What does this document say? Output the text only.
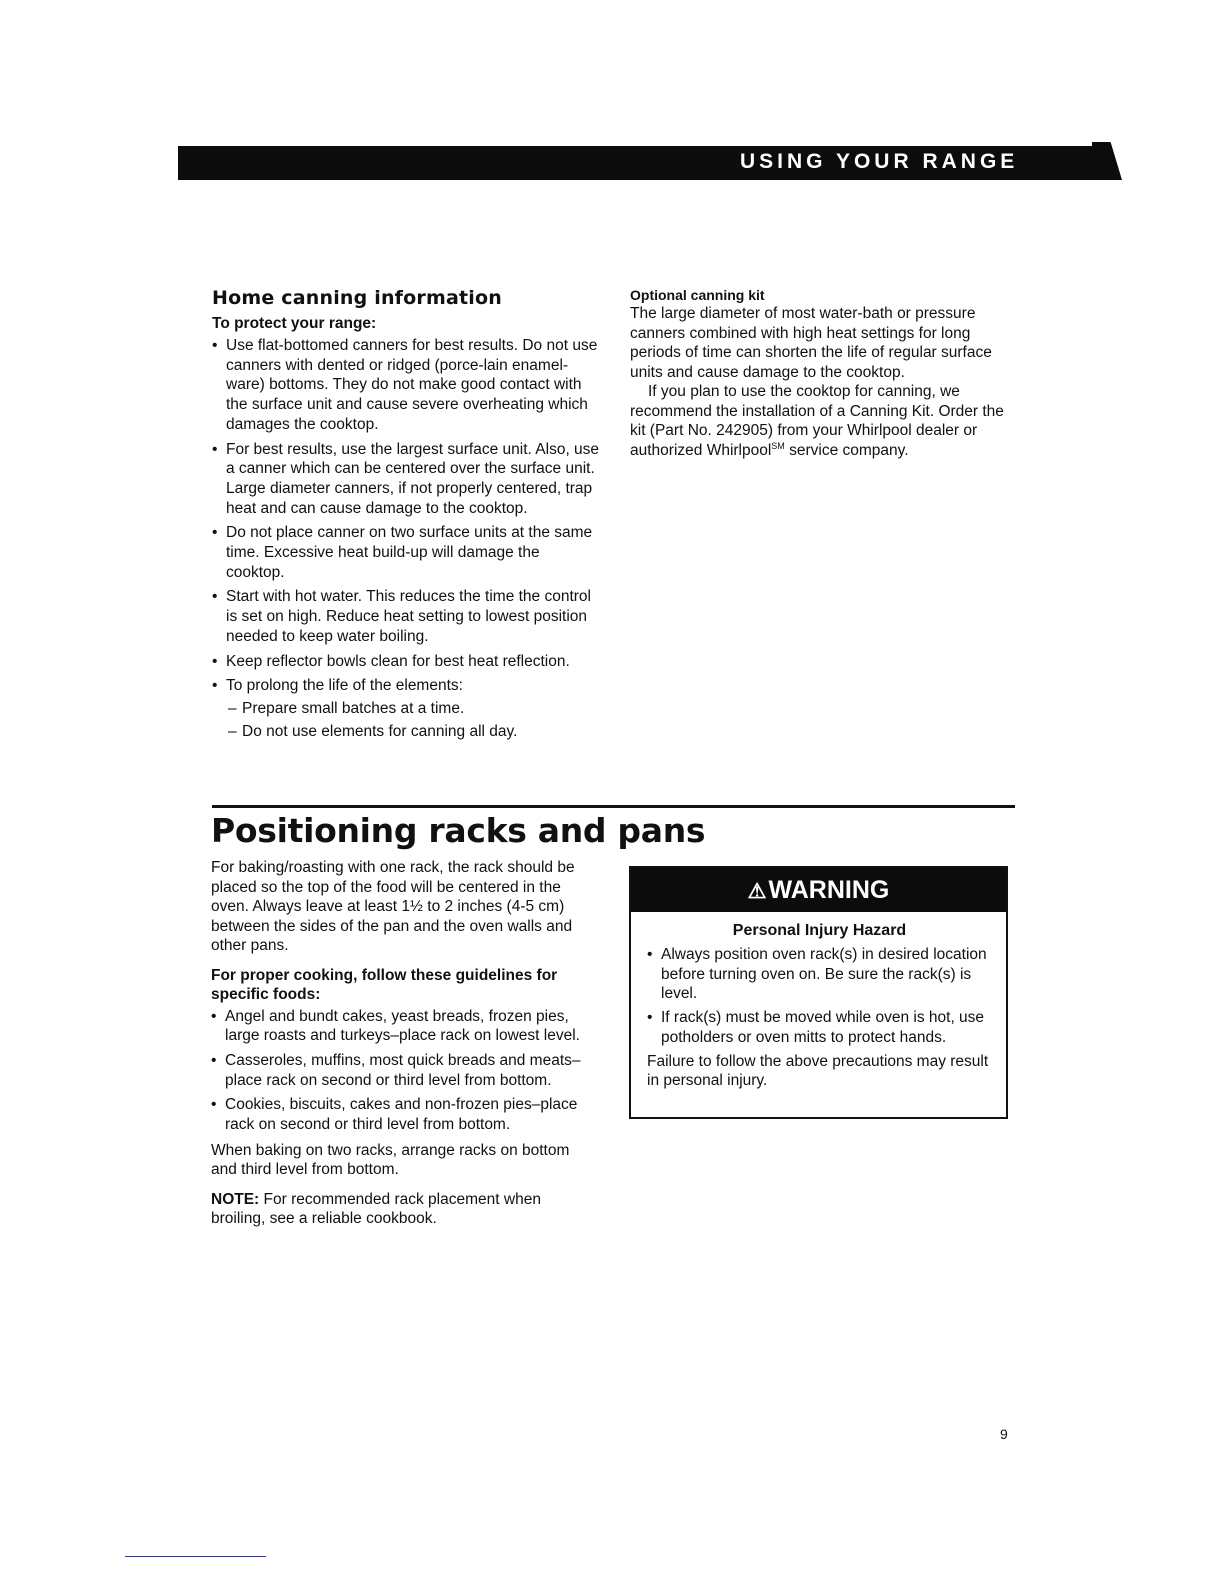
USING YOUR RANGE
Home canning information
To protect your range:
• Use flat-bottomed canners for best results. Do not use canners with dented or ridged (porce-lain enamel-ware) bottoms. They do not make good contact with the surface unit and cause severe overheating which damages the cooktop.
• For best results, use the largest surface unit. Also, use a canner which can be centered over the surface unit. Large diameter canners, if not properly centered, trap heat and can cause damage to the cooktop.
• Do not place canner on two surface units at the same time. Excessive heat build-up will damage the cooktop.
• Start with hot water. This reduces the time the control is set on high. Reduce heat setting to lowest position needed to keep water boiling.
• Keep reflector bowls clean for best heat reflection.
• To prolong the life of the elements:
– Prepare small batches at a time.
– Do not use elements for canning all day.
Optional canning kit

The large diameter of most water-bath or pressure canners combined with high heat settings for long periods of time can shorten the life of regular surface units and cause damage to the cooktop.

If you plan to use the cooktop for canning, we recommend the installation of a Canning Kit. Order the kit (Part No. 242905) from your Whirlpool dealer or authorized Whirlpool℠ service company.

Positioning racks and pans

For baking/roasting with one rack, the rack should be placed so the top of the food will be centered in the oven. Always leave at least 1½ to 2 inches (4-5 cm) between the sides of the pan and the oven walls and other pans.

For proper cooking, follow these guidelines for specific foods:
• Angel and bundt cakes, yeast breads, frozen pies, large roasts and turkeys–place rack on lowest level.
• Casseroles, muffins, most quick breads and meats–place rack on second or third level from bottom.
• Cookies, biscuits, cakes and non-frozen pies–place rack on second or third level from bottom.

When baking on two racks, arrange racks on bottom and third level from bottom.

NOTE: For recommended rack placement when broiling, see a reliable cookbook.

⚠WARNING
Personal Injury Hazard
• Always position oven rack(s) in desired location before turning oven on. Be sure the rack(s) is level.
• If rack(s) must be moved while oven is hot, use potholders or oven mitts to protect hands.

Failure to follow the above precautions may result in personal injury.

9
